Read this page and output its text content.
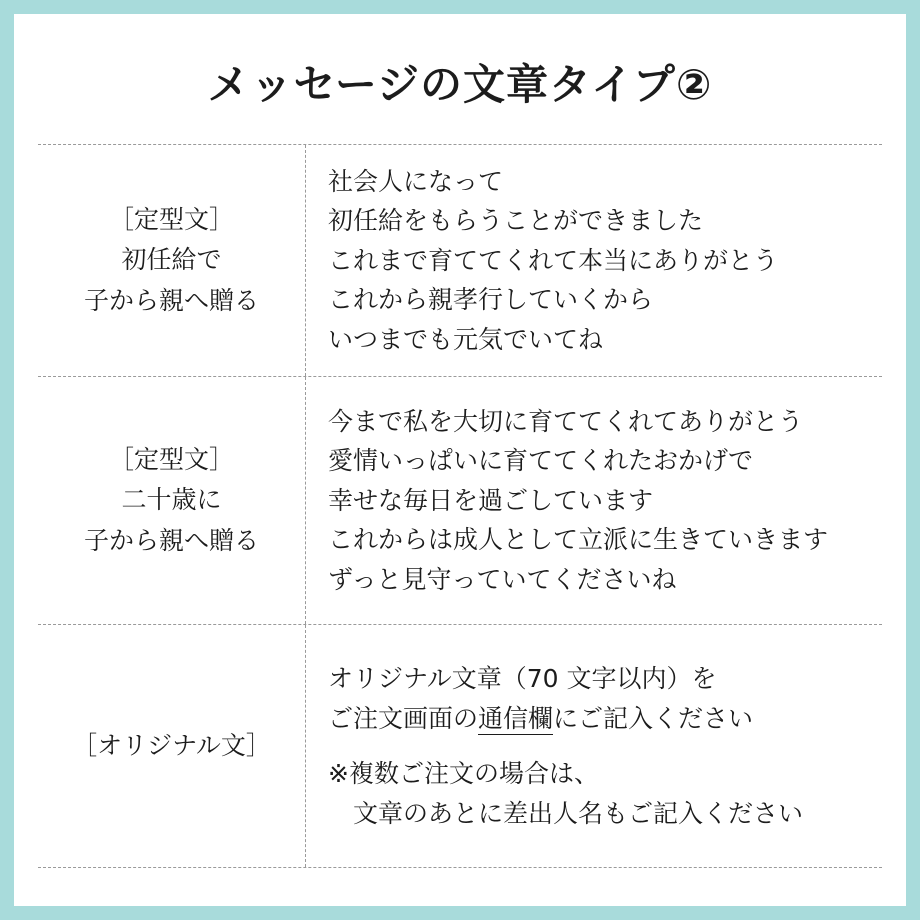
メッセージの文章タイプ②
［定型文］
初任給で
子から親へ贈る
社会人になって
初任給をもらうことができました
これまで育ててくれて本当にありがとう
これから親孝行していくから
いつまでも元気でいてね
［定型文］
二十歳に
子から親へ贈る
今まで私を大切に育ててくれてありがとう
愛情いっぱいに育ててくれたおかげで
幸せな毎日を過ごしています
これからは成人として立派に生きていきます
ずっと見守っていてくださいね
［オリジナル文］
オリジナル文章（70 文字以内）を
ご注文画面の通信欄にご記入ください
※複数ご注文の場合は、
　文章のあとに差出人名もご記入ください
